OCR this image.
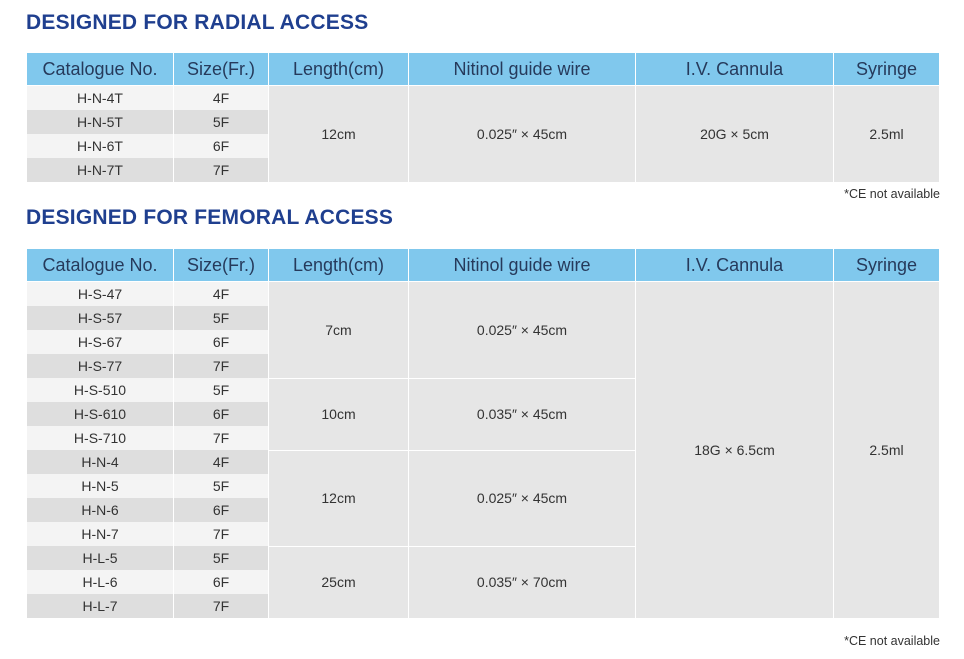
DESIGNED FOR RADIAL ACCESS
Catalogue No.	Size(Fr.)	Length(cm)	Nitinol guide wire	I.V. Cannula	Syringe
H-N-4T	4F	12cm	0.025″ × 45cm	20G × 5cm	2.5ml
H-N-5T	5F				
H-N-6T	6F				
H-N-7T	7F				
*CE not available
DESIGNED FOR FEMORAL ACCESS
Catalogue No.	Size(Fr.)	Length(cm)	Nitinol guide wire	I.V. Cannula	Syringe
H-S-47	4F	7cm	0.025″ × 45cm	18G × 6.5cm	2.5ml
H-S-57	5F				
H-S-67	6F				
H-S-77	7F				
H-S-510	5F	10cm	0.035″ × 45cm		
H-S-610	6F				
H-S-710	7F				
H-N-4	4F	12cm	0.025″ × 45cm		
H-N-5	5F				
H-N-6	6F				
H-N-7	7F				
H-L-5	5F	25cm	0.035″ × 70cm		
H-L-6	6F				
H-L-7	7F				
*CE not available
